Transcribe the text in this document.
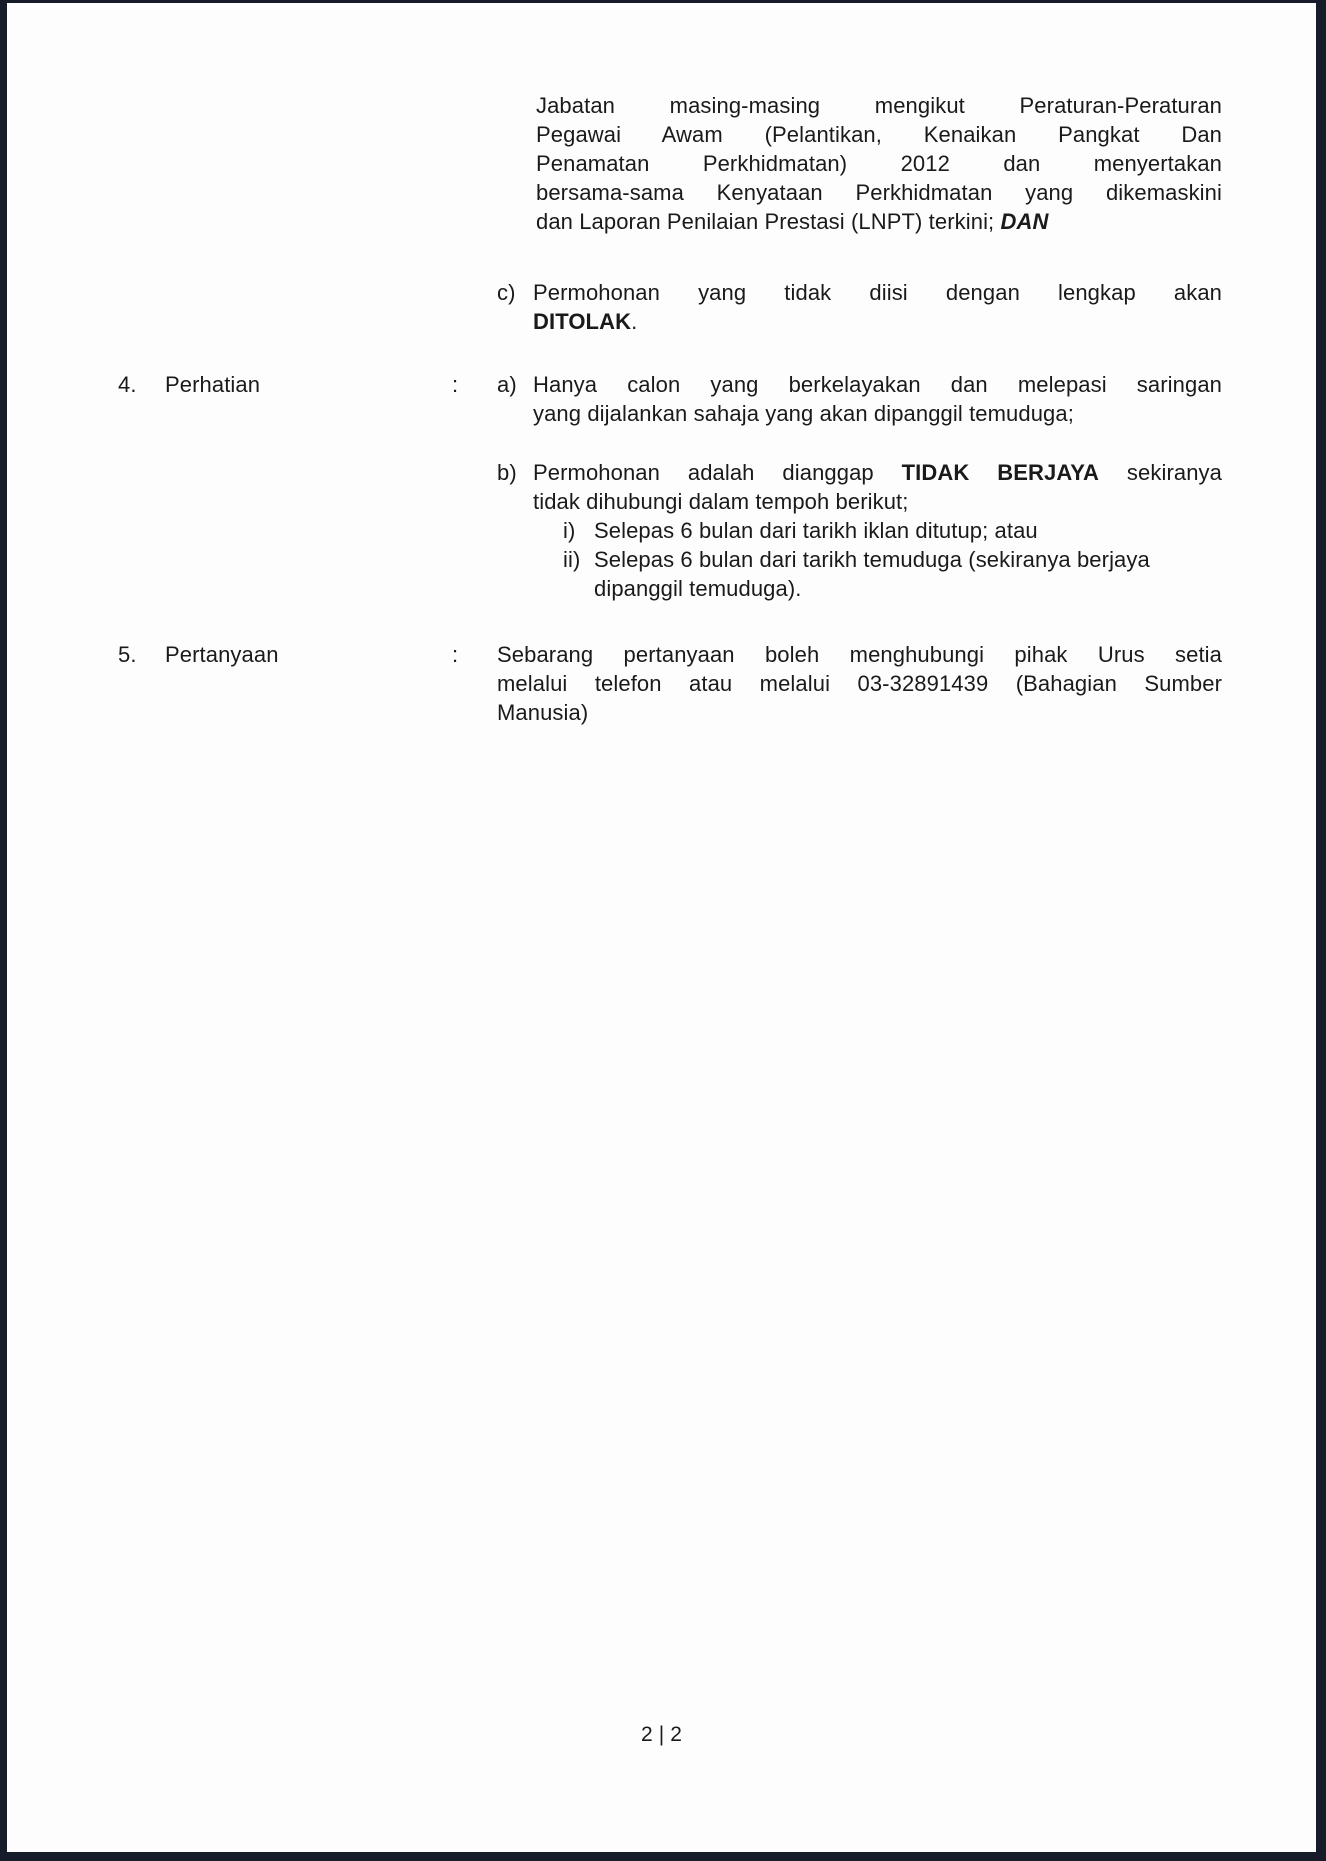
Jabatan masing-masing mengikut Peraturan-Peraturan
Pegawai Awam (Pelantikan, Kenaikan Pangkat Dan
Penamatan Perkhidmatan) 2012 dan menyertakan
bersama-sama Kenyataan Perkhidmatan yang dikemaskini
dan Laporan Penilaian Prestasi (LNPT) terkini; DAN
c) Permohonan yang tidak diisi dengan lengkap akan
DITOLAK.
4.	Perhatian	:	a) Hanya calon yang berkelayakan dan melepasi saringan
yang dijalankan sahaja yang akan dipanggil temuduga;
b) Permohonan adalah dianggap TIDAK BERJAYA sekiranya
tidak dihubungi dalam tempoh berikut;
i) Selepas 6 bulan dari tarikh iklan ditutup; atau
ii) Selepas 6 bulan dari tarikh temuduga (sekiranya berjaya
dipanggil temuduga).
5.	Pertanyaan	:	Sebarang pertanyaan boleh menghubungi pihak Urus setia
melalui telefon atau melalui 03-32891439 (Bahagian Sumber
Manusia)
2 | 2
